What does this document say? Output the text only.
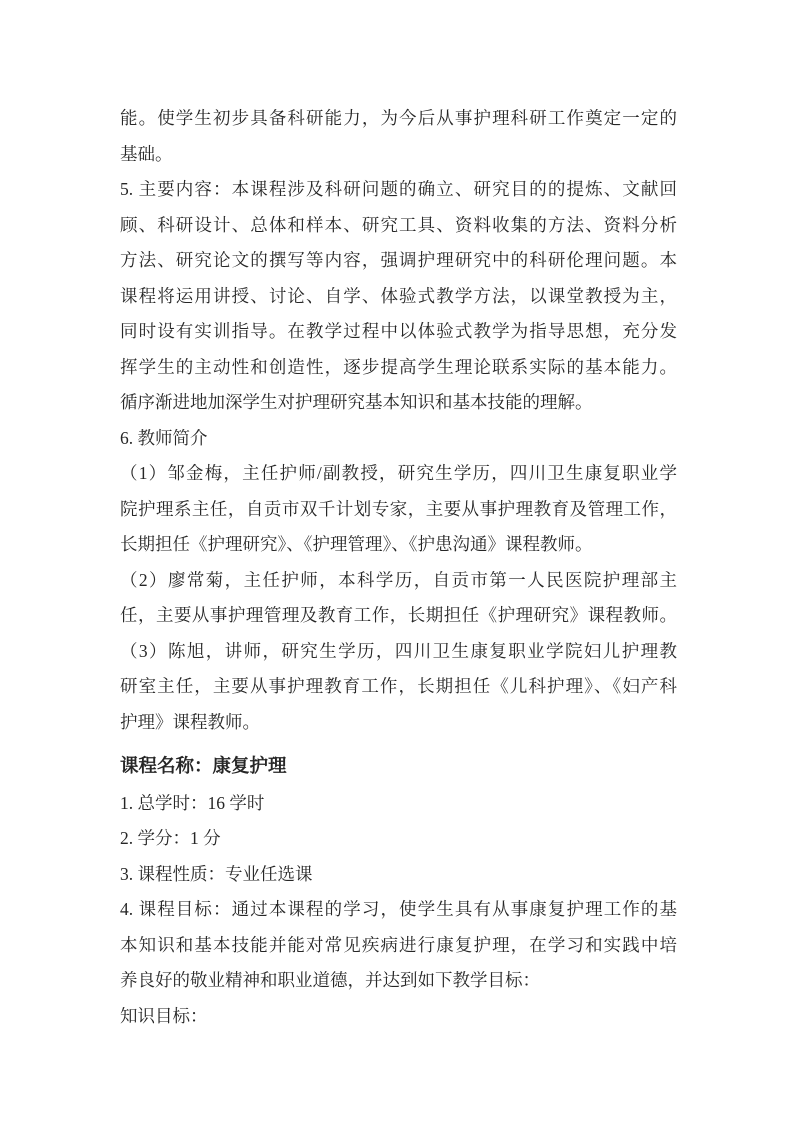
能。使学生初步具备科研能力，为今后从事护理科研工作奠定一定的
基础。
5. 主要内容：本课程涉及科研问题的确立、研究目的的提炼、文献回
顾、科研设计、总体和样本、研究工具、资料收集的方法、资料分析
方法、研究论文的撰写等内容，强调护理研究中的科研伦理问题。本
课程将运用讲授、讨论、自学、体验式教学方法，以课堂教授为主，
同时设有实训指导。在教学过程中以体验式教学为指导思想，充分发
挥学生的主动性和创造性，逐步提高学生理论联系实际的基本能力。
循序渐进地加深学生对护理研究基本知识和基本技能的理解。
6. 教师简介
（1）邹金梅，主任护师/副教授，研究生学历，四川卫生康复职业学
院护理系主任，自贡市双千计划专家，主要从事护理教育及管理工作，
长期担任《护理研究》、《护理管理》、《护患沟通》课程教师。
（2）廖常菊，主任护师，本科学历，自贡市第一人民医院护理部主
任，主要从事护理管理及教育工作，长期担任《护理研究》课程教师。
（3）陈旭，讲师，研究生学历，四川卫生康复职业学院妇儿护理教
研室主任，主要从事护理教育工作，长期担任《儿科护理》、《妇产科
护理》课程教师。
课程名称：康复护理
1. 总学时：16 学时
2. 学分：1 分
3. 课程性质：专业任选课
4. 课程目标：通过本课程的学习，使学生具有从事康复护理工作的基
本知识和基本技能并能对常见疾病进行康复护理，在学习和实践中培
养良好的敬业精神和职业道德，并达到如下教学目标：
知识目标：
